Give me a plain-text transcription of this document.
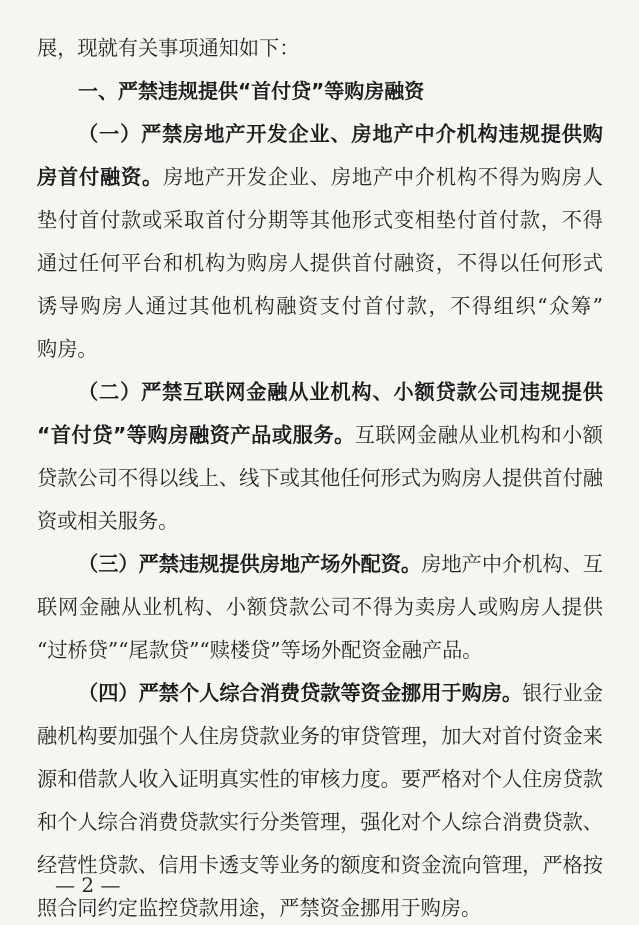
展，现就有关事项通知如下：
一、严禁违规提供“首付贷”等购房融资
（一）严禁房地产开发企业、房地产中介机构违规提供购
房首付融资。房地产开发企业、房地产中介机构不得为购房人
垫付首付款或采取首付分期等其他形式变相垫付首付款，不得
通过任何平台和机构为购房人提供首付融资，不得以任何形式
诱导购房人通过其他机构融资支付首付款，不得组织“众筹”
购房。
（二）严禁互联网金融从业机构、小额贷款公司违规提供
“首付贷”等购房融资产品或服务。互联网金融从业机构和小额
贷款公司不得以线上、线下或其他任何形式为购房人提供首付融
资或相关服务。
（三）严禁违规提供房地产场外配资。房地产中介机构、互
联网金融从业机构、小额贷款公司不得为卖房人或购房人提供
“过桥贷”“尾款贷”“赎楼贷”等场外配资金融产品。
（四）严禁个人综合消费贷款等资金挪用于购房。银行业金
融机构要加强个人住房贷款业务的审贷管理，加大对首付资金来
源和借款人收入证明真实性的审核力度。要严格对个人住房贷款
和个人综合消费贷款实行分类管理，强化对个人综合消费贷款、
经营性贷款、信用卡透支等业务的额度和资金流向管理，严格按
照合同约定监控贷款用途，严禁资金挪用于购房。
— 2 —
